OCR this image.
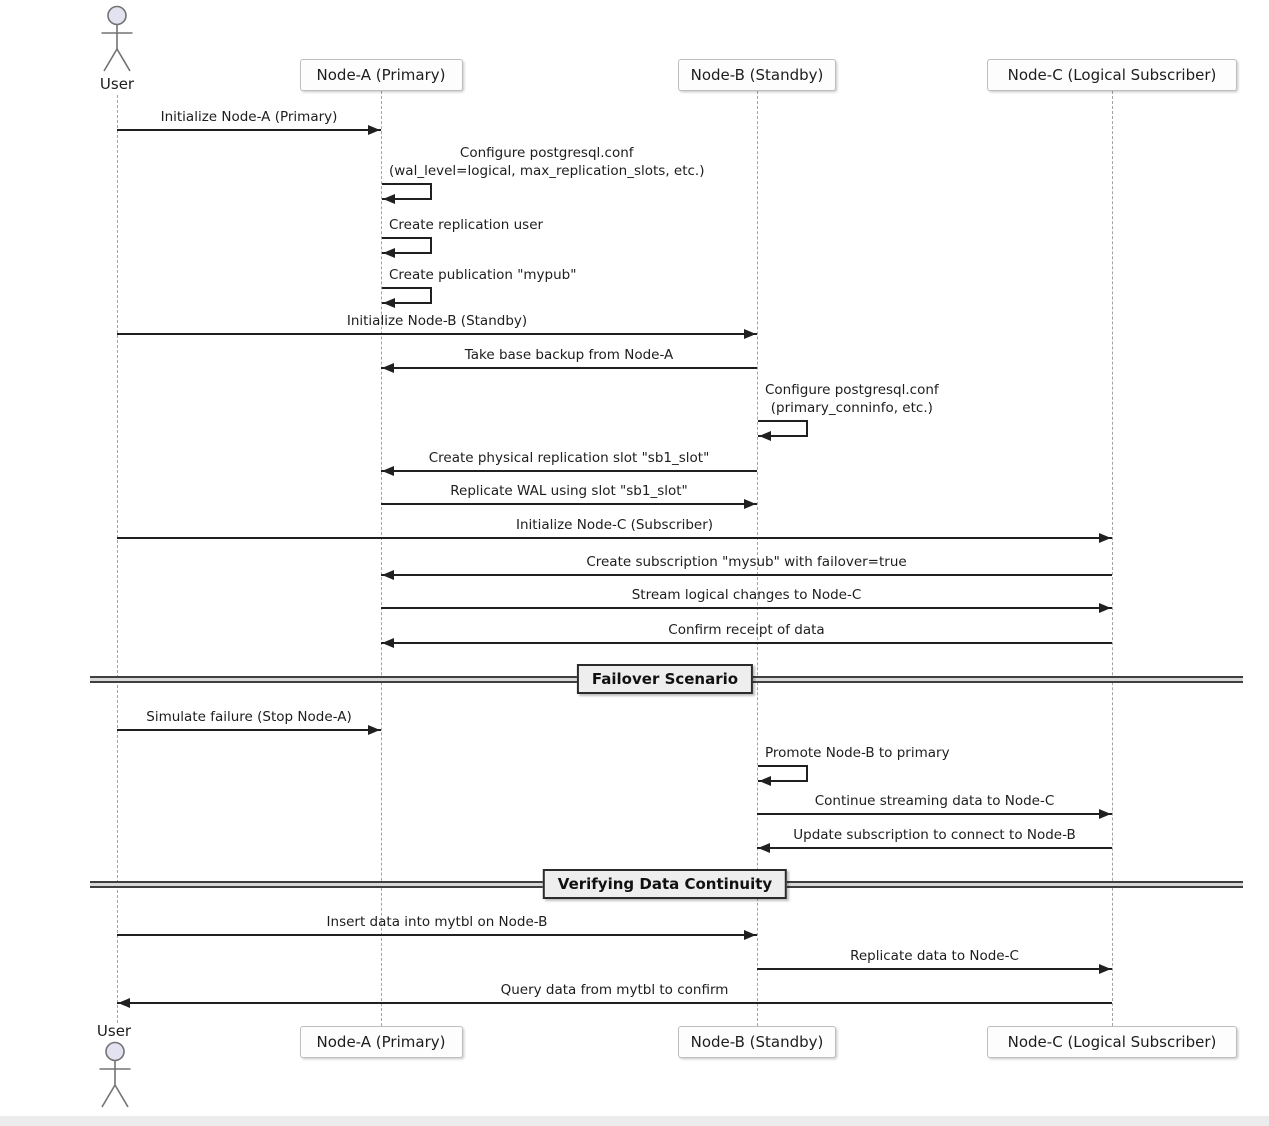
Failover Scenario
Verifying Data Continuity
Initialize Node-A (Primary)
Configure postgresql.conf
(wal_level=logical, max_replication_slots, etc.)
Create replication user
Create publication "mypub"
Initialize Node-B (Standby)
Take base backup from Node-A
Configure postgresql.conf
(primary_conninfo, etc.)
Create physical replication slot "sb1_slot"
Replicate WAL using slot "sb1_slot"
Initialize Node-C (Subscriber)
Create subscription "mysub" with failover=true
Stream logical changes to Node-C
Confirm receipt of data
Simulate failure (Stop Node-A)
Promote Node-B to primary
Continue streaming data to Node-C
Update subscription to connect to Node-B
Insert data into mytbl on Node-B
Replicate data to Node-C
Query data from mytbl to confirm
User
User
Node-A (Primary)
Node-A (Primary)
Node-B (Standby)
Node-B (Standby)
Node-C (Logical Subscriber)
Node-C (Logical Subscriber)
